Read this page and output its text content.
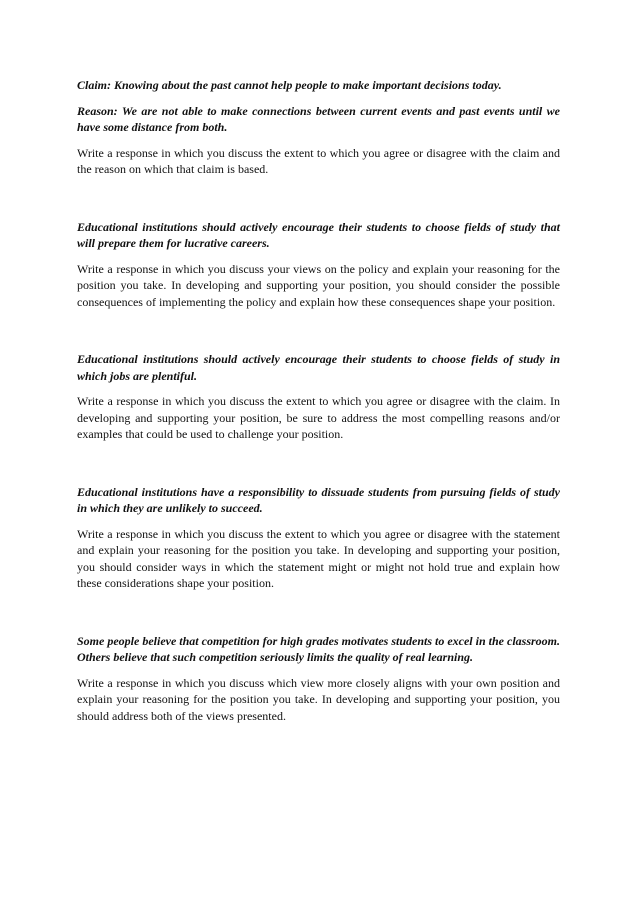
Claim: Knowing about the past cannot help people to make important decisions today.

Reason: We are not able to make connections between current events and past events until we have some distance from both.

Write a response in which you discuss the extent to which you agree or disagree with the claim and the reason on which that claim is based.

Educational institutions should actively encourage their students to choose fields of study that will prepare them for lucrative careers.

Write a response in which you discuss your views on the policy and explain your reasoning for the position you take. In developing and supporting your position, you should consider the possible consequences of implementing the policy and explain how these consequences shape your position.

Educational institutions should actively encourage their students to choose fields of study in which jobs are plentiful.

Write a response in which you discuss the extent to which you agree or disagree with the claim. In developing and supporting your position, be sure to address the most compelling reasons and/or examples that could be used to challenge your position.

Educational institutions have a responsibility to dissuade students from pursuing fields of study in which they are unlikely to succeed.

Write a response in which you discuss the extent to which you agree or disagree with the statement and explain your reasoning for the position you take. In developing and supporting your position, you should consider ways in which the statement might or might not hold true and explain how these considerations shape your position.

Some people believe that competition for high grades motivates students to excel in the classroom. Others believe that such competition seriously limits the quality of real learning.

Write a response in which you discuss which view more closely aligns with your own position and explain your reasoning for the position you take. In developing and supporting your position, you should address both of the views presented.
